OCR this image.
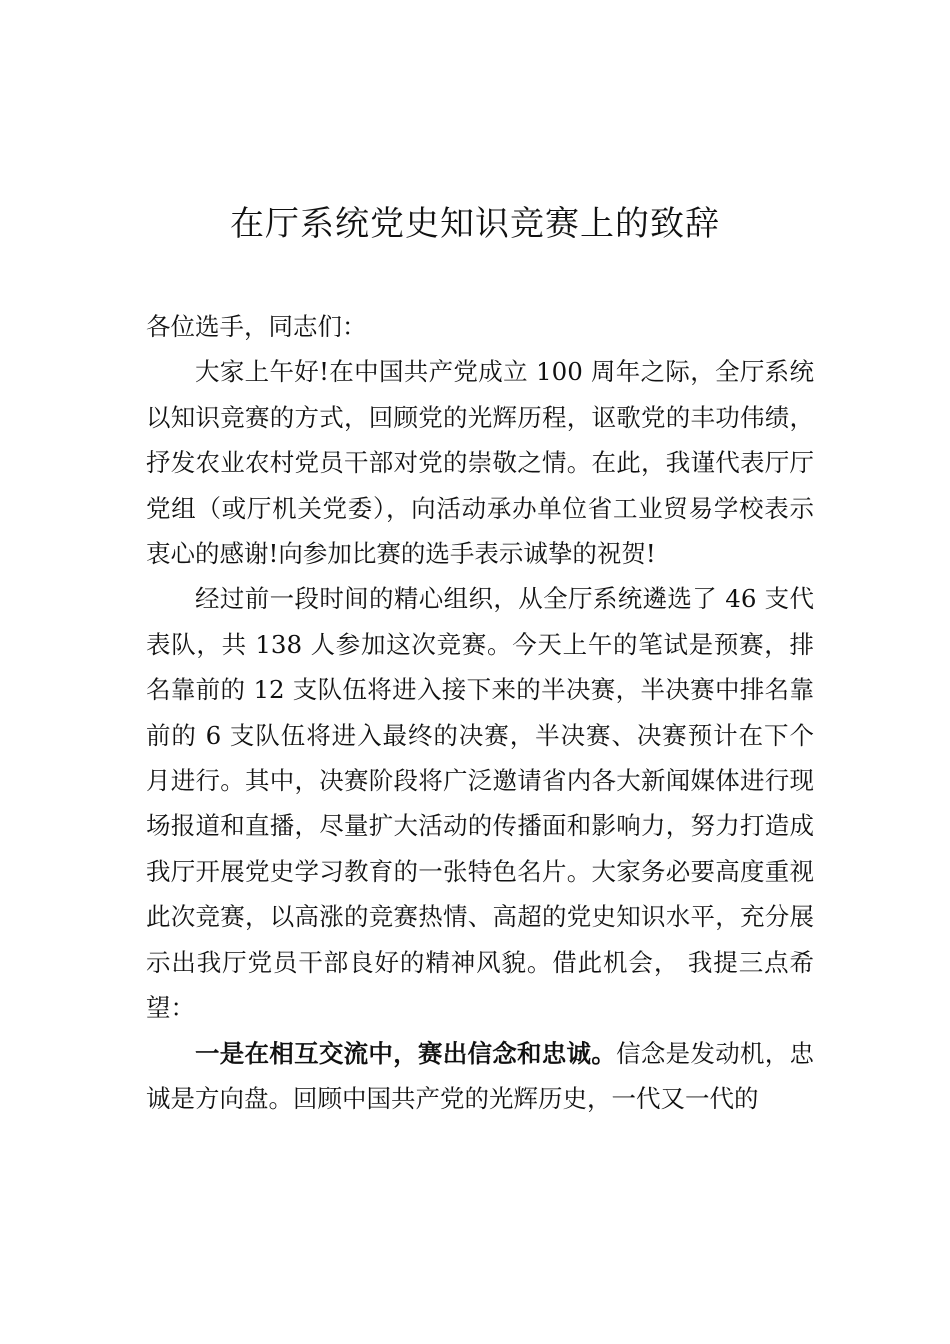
在厅系统党史知识竞赛上的致辞

各位选手，同志们：

大家上午好!在中国共产党成立 100 周年之际，全厅系统以知识竞赛的方式，回顾党的光辉历程，讴歌党的丰功伟绩，抒发农业农村党员干部对党的崇敬之情。在此，我谨代表厅厅党组（或厅机关党委），向活动承办单位省工业贸易学校表示衷心的感谢!向参加比赛的选手表示诚挚的祝贺!

经过前一段时间的精心组织，从全厅系统遴选了 46 支代表队，共 138 人参加这次竞赛。今天上午的笔试是预赛，排名靠前的 12 支队伍将进入接下来的半决赛，半决赛中排名靠前的 6 支队伍将进入最终的决赛，半决赛、决赛预计在下个月进行。其中，决赛阶段将广泛邀请省内各大新闻媒体进行现场报道和直播，尽量扩大活动的传播面和影响力，努力打造成我厅开展党史学习教育的一张特色名片。大家务必要高度重视此次竞赛，以高涨的竞赛热情、高超的党史知识水平，充分展示出我厅党员干部良好的精神风貌。借此机会， 我提三点希望：

一是在相互交流中，赛出信念和忠诚。信念是发动机，忠诚是方向盘。回顾中国共产党的光辉历史，一代又一代的
